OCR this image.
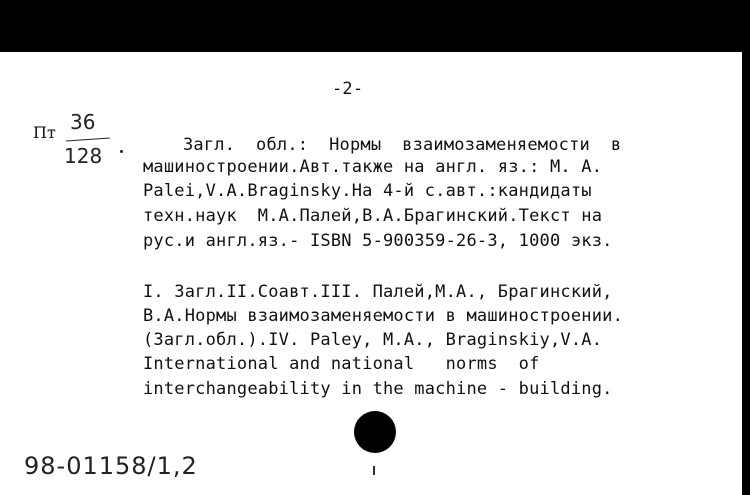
-2-
Пт 36
128	Загл.  обл.:  Нормы  взаимозаменяемости  в
машиностроении.Авт.также на англ. яз.: М. А.
Palei,V.A.Braginsky.На 4-й с.авт.:кандидаты
техн.наук  М.А.Палей,В.А.Брагинский.Текст на
рус.и англ.яз.- ISBN 5-900359-26-3, 1000 экз.
I. Загл.II.Соавт.III. Палей,М.А., Брагинский,
В.А.Нормы взаимозаменяемости в машиностроении.
(Загл.обл.).IV. Paley, M.A., Braginskiy,V.A.
International and national   norms  of
interchangeability in the machine - building.
98-01158/1,2
